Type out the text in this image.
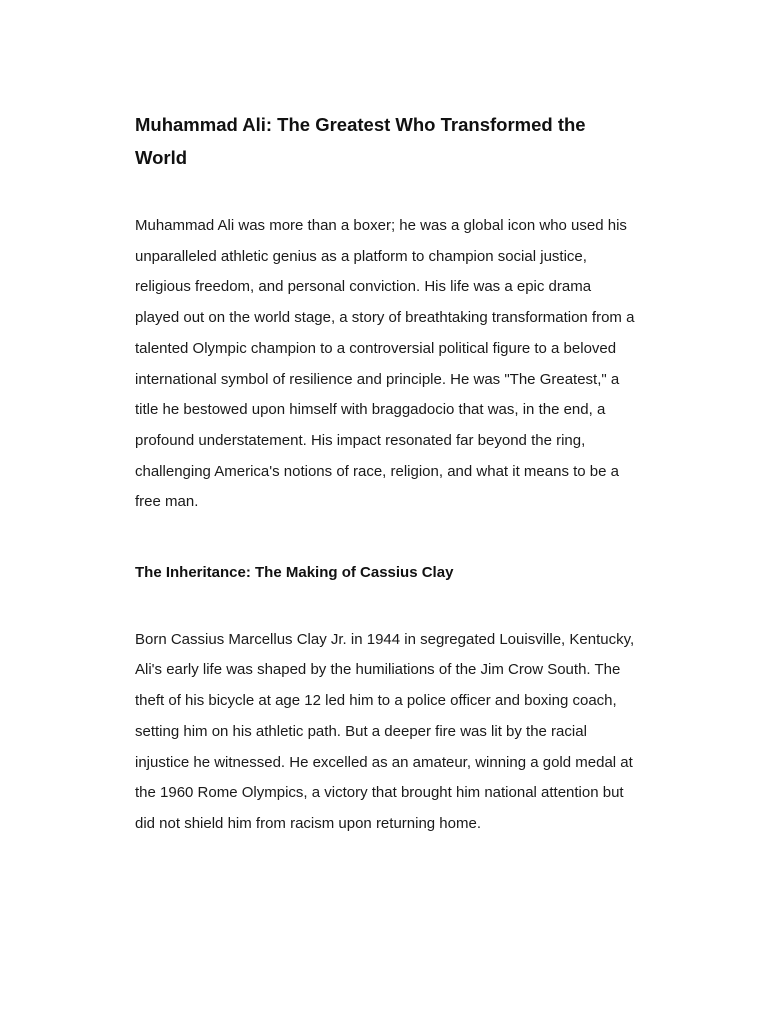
Muhammad Ali: The Greatest Who Transformed the World

Muhammad Ali was more than a boxer; he was a global icon who used his unparalleled athletic genius as a platform to champion social justice, religious freedom, and personal conviction. His life was a epic drama played out on the world stage, a story of breathtaking transformation from a talented Olympic champion to a controversial political figure to a beloved international symbol of resilience and principle. He was "The Greatest," a title he bestowed upon himself with braggadocio that was, in the end, a profound understatement. His impact resonated far beyond the ring, challenging America's notions of race, religion, and what it means to be a free man.

The Inheritance: The Making of Cassius Clay

Born Cassius Marcellus Clay Jr. in 1944 in segregated Louisville, Kentucky, Ali's early life was shaped by the humiliations of the Jim Crow South. The theft of his bicycle at age 12 led him to a police officer and boxing coach, setting him on his athletic path. But a deeper fire was lit by the racial injustice he witnessed. He excelled as an amateur, winning a gold medal at the 1960 Rome Olympics, a victory that brought him national attention but did not shield him from racism upon returning home.
